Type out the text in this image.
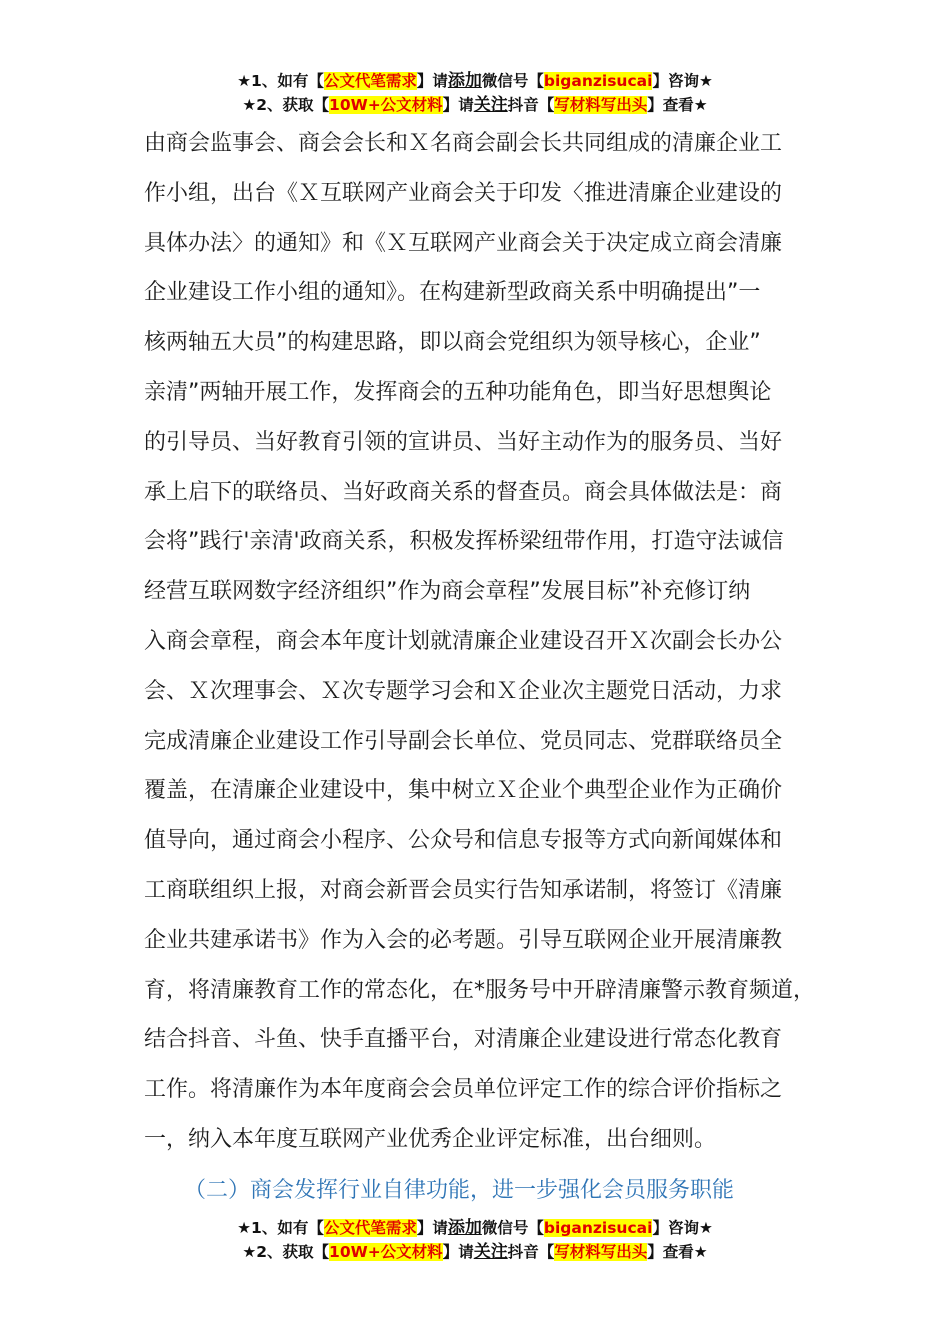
★1、如有【公文代笔需求】请添加微信号【biganzisucai】咨询★
★2、获取【10W+公文材料】请关注抖音【写材料写出头】查看★
由商会监事会、商会会长和Ｘ名商会副会长共同组成的清廉企业工
作小组，出台《Ｘ互联网产业商会关于印发〈推进清廉企业建设的
具体办法〉的通知》和《Ｘ互联网产业商会关于决定成立商会清廉
企业建设工作小组的通知》。在构建新型政商关系中明确提出”一
核两轴五大员”的构建思路，即以商会党组织为领导核心，企业”
亲清”两轴开展工作，发挥商会的五种功能角色，即当好思想舆论
的引导员、当好教育引领的宣讲员、当好主动作为的服务员、当好
承上启下的联络员、当好政商关系的督查员。商会具体做法是：商
会将”践行'亲清'政商关系，积极发挥桥梁纽带作用，打造守法诚信
经营互联网数字经济组织”作为商会章程”发展目标”补充修订纳
入商会章程，商会本年度计划就清廉企业建设召开Ｘ次副会长办公
会、Ｘ次理事会、Ｘ次专题学习会和Ｘ企业次主题党日活动，力求
完成清廉企业建设工作引导副会长单位、党员同志、党群联络员全
覆盖，在清廉企业建设中，集中树立Ｘ企业个典型企业作为正确价
值导向，通过商会小程序、公众号和信息专报等方式向新闻媒体和
工商联组织上报，对商会新晋会员实行告知承诺制，将签订《清廉
企业共建承诺书》作为入会的必考题。引导互联网企业开展清廉教
育，将清廉教育工作的常态化，在*服务号中开辟清廉警示教育频道，
结合抖音、斗鱼、快手直播平台，对清廉企业建设进行常态化教育
工作。将清廉作为本年度商会会员单位评定工作的综合评价指标之
一，纳入本年度互联网产业优秀企业评定标准，出台细则。
（二）商会发挥行业自律功能，进一步强化会员服务职能
★1、如有【公文代笔需求】请添加微信号【biganzisucai】咨询★
★2、获取【10W+公文材料】请关注抖音【写材料写出头】查看★
